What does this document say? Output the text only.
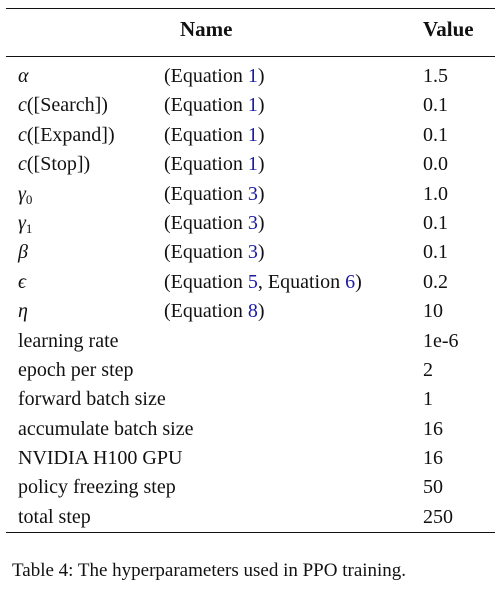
Name	Value
α	(Equation 1)	1.5
c([Search])	(Equation 1)	0.1
c([Expand]) (Equation 1)	0.1
c([Stop])	(Equation 1)	0.0
$\gamma_0$	(Equation 3)	1.0
$\gamma_1$	(Equation 3)	0.1
β	(Equation 3)	0.1
ϵ	(Equation 5, Equation 6)	0.2
η	(Equation 8)	10
learning rate	1e-6
epoch per step	2
forward batch size	1
accumulate batch size	16
NVIDIA H100 GPU	16
policy freezing step	50
total step	250
Table 4: The hyperparameters used in PPO training.
